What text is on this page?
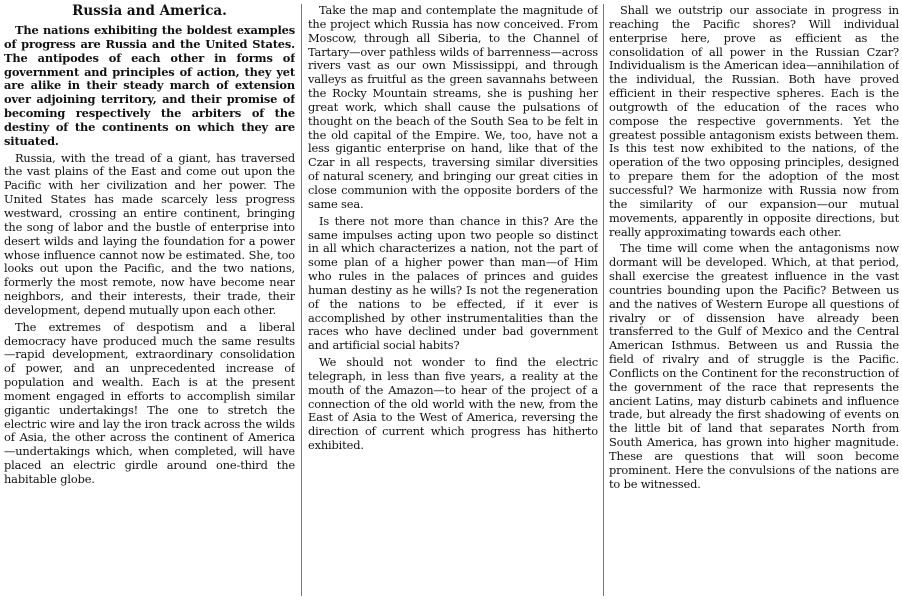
Russia and America.

The nations exhibiting the boldest examples of progress are Russia and the United States. The antipodes of each other in forms of government and principles of action, they yet are alike in their steady march of extension over adjoining territory, and their promise of becoming respectively the arbiters of the destiny of the continents on which they are situated.

Russia, with the tread of a giant, has traversed the vast plains of the East and come out upon the Pacific with her civilization and her power. The United States has made scarcely less progress westward, crossing an entire continent, bringing the song of labor and the bustle of enterprise into desert wilds and laying the foundation for a power whose influence cannot now be estimated. She, too looks out upon the Pacific, and the two nations, formerly the most remote, now have become near neighbors, and their interests, their trade, their development, depend mutually upon each other.

The extremes of despotism and a liberal democracy have produced much the same results—rapid development, extraordinary consolidation of power, and an unprecedented increase of population and wealth. Each is at the present moment engaged in efforts to accomplish similar gigantic undertakings! The one to stretch the electric wire and lay the iron track across the wilds of Asia, the other across the continent of America—undertakings which, when completed, will have placed an electric girdle around one-third the habitable globe.

Take the map and contemplate the magnitude of the project which Russia has now conceived. From Moscow, through all Siberia, to the Channel of Tartary—over pathless wilds of barrenness—across rivers vast as our own Mississippi, and through valleys as fruitful as the green savannahs between the Rocky Mountain streams, she is pushing her great work, which shall cause the pulsations of thought on the beach of the South Sea to be felt in the old capital of the Empire. We, too, have not a less gigantic enterprise on hand, like that of the Czar in all respects, traversing similar diversities of natural scenery, and bringing our great cities in close communion with the opposite borders of the same sea.

Is there not more than chance in this? Are the same impulses acting upon two people so distinct in all which characterizes a nation, not the part of some plan of a higher power than man—of Him who rules in the palaces of princes and guides human destiny as he wills? Is not the regeneration of the nations to be effected, if it ever is accomplished by other instrumentalities than the races who have declined under bad government and artificial social habits?

We should not wonder to find the electric telegraph, in less than five years, a reality at the mouth of the Amazon—to hear of the project of a connection of the old world with the new, from the East of Asia to the West of America, reversing the direction of current which progress has hitherto exhibited.

Shall we outstrip our associate in progress in reaching the Pacific shores? Will individual enterprise here, prove as efficient as the consolidation of all power in the Russian Czar? Individualism is the American idea—annihilation of the individual, the Russian. Both have proved efficient in their respective spheres. Each is the outgrowth of the education of the races who compose the respective governments. Yet the greatest possible antagonism exists between them. Is this test now exhibited to the nations, of the operation of the two opposing principles, designed to prepare them for the adoption of the most successful? We harmonize with Russia now from the similarity of our expansion—our mutual movements, apparently in opposite directions, but really approximating towards each other.

The time will come when the antagonisms now dormant will be developed. Which, at that period, shall exercise the greatest influence in the vast countries bounding upon the Pacific? Between us and the natives of Western Europe all questions of rivalry or of dissension have already been transferred to the Gulf of Mexico and the Central American Isthmus. Between us and Russia the field of rivalry and of struggle is the Pacific. Conflicts on the Continent for the reconstruction of the government of the race that represents the ancient Latins, may disturb cabinets and influence trade, but already the first shadowing of events on the little bit of land that separates North from South America, has grown into higher magnitude. These are questions that will soon become prominent. Here the convulsions of the nations are to be witnessed.
